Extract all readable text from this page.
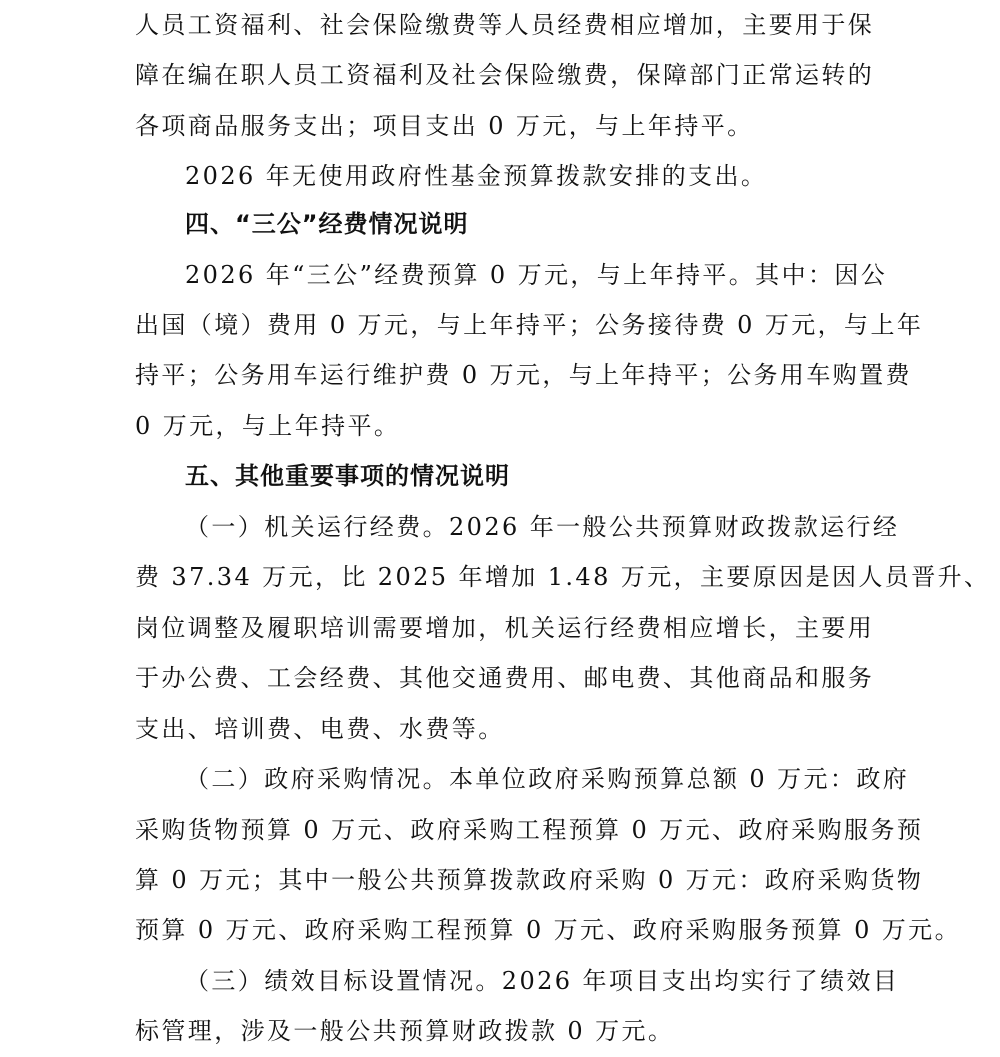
人员工资福利、社会保险缴费等人员经费相应增加，主要用于保
障在编在职人员工资福利及社会保险缴费，保障部门正常运转的
各项商品服务支出；项目支出 0 万元，与上年持平。
2026 年无使用政府性基金预算拨款安排的支出。
四、“三公”经费情况说明
2026 年“三公”经费预算 0 万元，与上年持平。其中：因公
出国（境）费用 0 万元，与上年持平；公务接待费 0 万元，与上年
持平；公务用车运行维护费 0 万元，与上年持平；公务用车购置费
0 万元，与上年持平。
五、其他重要事项的情况说明
（一）机关运行经费。2026 年一般公共预算财政拨款运行经
费 37.34 万元，比 2025 年增加 1.48 万元，主要原因是因人员晋升、
岗位调整及履职培训需要增加，机关运行经费相应增长，主要用
于办公费、工会经费、其他交通费用、邮电费、其他商品和服务
支出、培训费、电费、水费等。
（二）政府采购情况。本单位政府采购预算总额 0 万元：政府
采购货物预算 0 万元、政府采购工程预算 0 万元、政府采购服务预
算 0 万元；其中一般公共预算拨款政府采购 0 万元：政府采购货物
预算 0 万元、政府采购工程预算 0 万元、政府采购服务预算 0 万元。
（三）绩效目标设置情况。2026 年项目支出均实行了绩效目
标管理，涉及一般公共预算财政拨款 0 万元。
